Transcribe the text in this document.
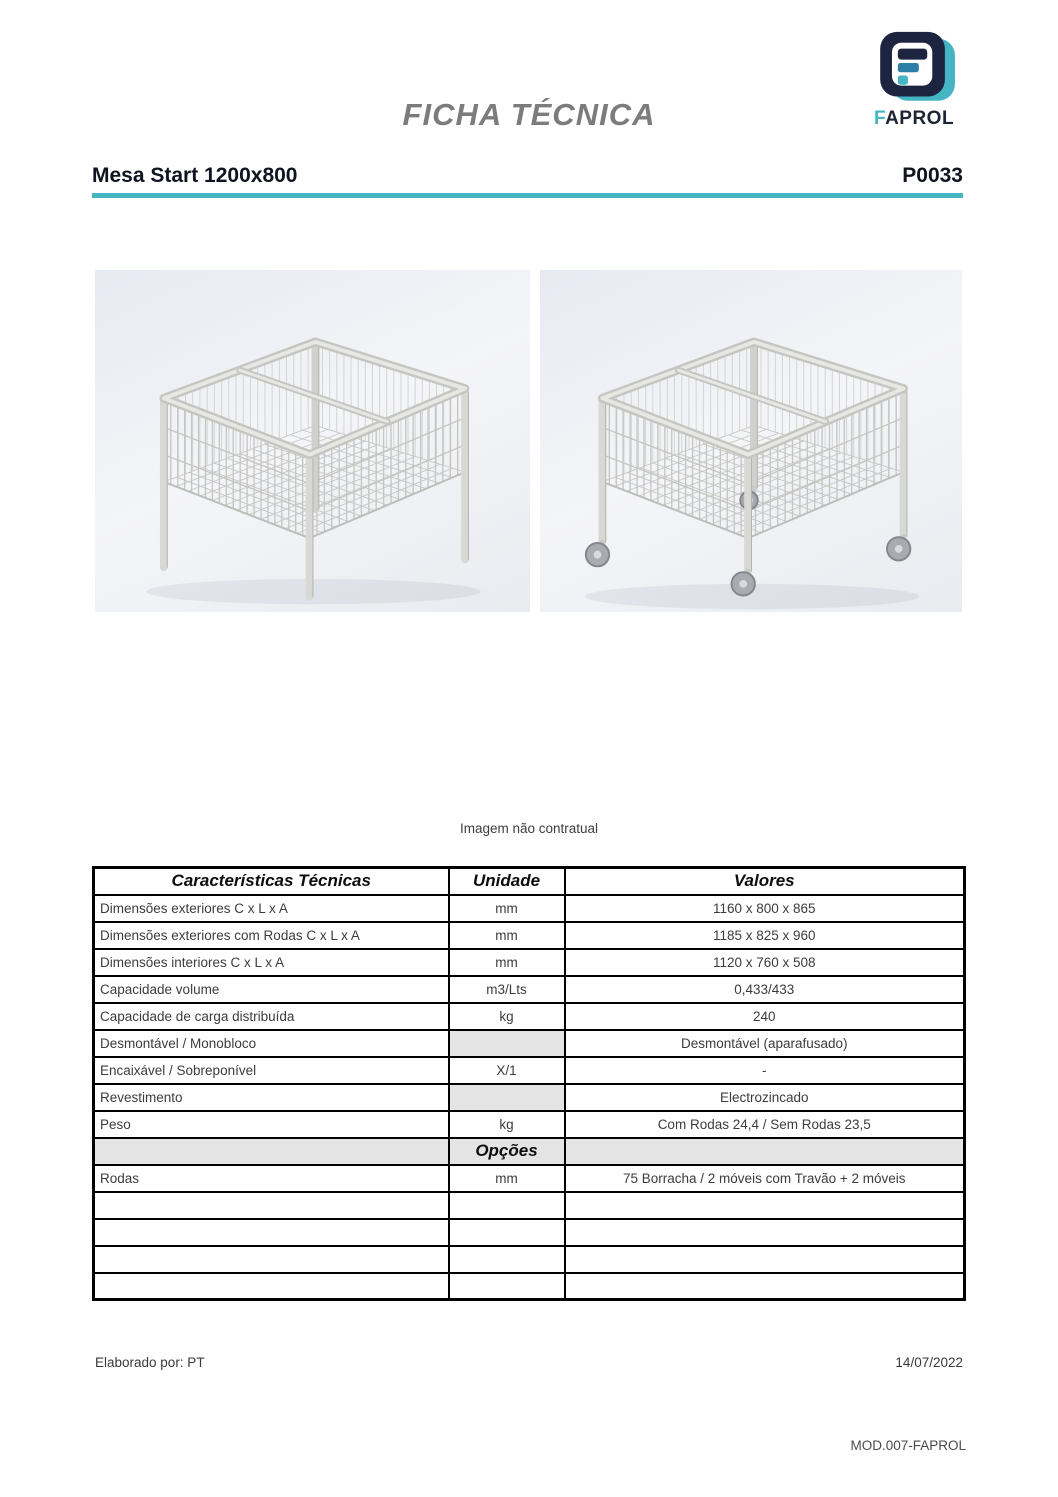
FICHA TÉCNICA	FAPROL
Mesa Start 1200x800	P0033
Imagem não contratual
Características Técnicas	Unidade	Valores
Dimensões exteriores C x L x A	mm	1160 x 800 x 865
Dimensões exteriores com Rodas C x L x A	mm	1185 x 825 x 960
Dimensões interiores C x L x A	mm	1120 x 760 x 508
Capacidade volume	m3/Lts	0,433/433
Capacidade de carga distribuída	kg	240
Desmontável / Monobloco		Desmontável (aparafusado)
Encaixável / Sobreponível	X/1	-
Revestimento		Electrozincado
Peso	kg	Com Rodas 24,4 / Sem Rodas 23,5
	Opções	
Rodas	mm	75 Borracha / 2 móveis com Travão + 2 móveis

Elaborado por: PT	14/07/2022
MOD.007-FAPROL
